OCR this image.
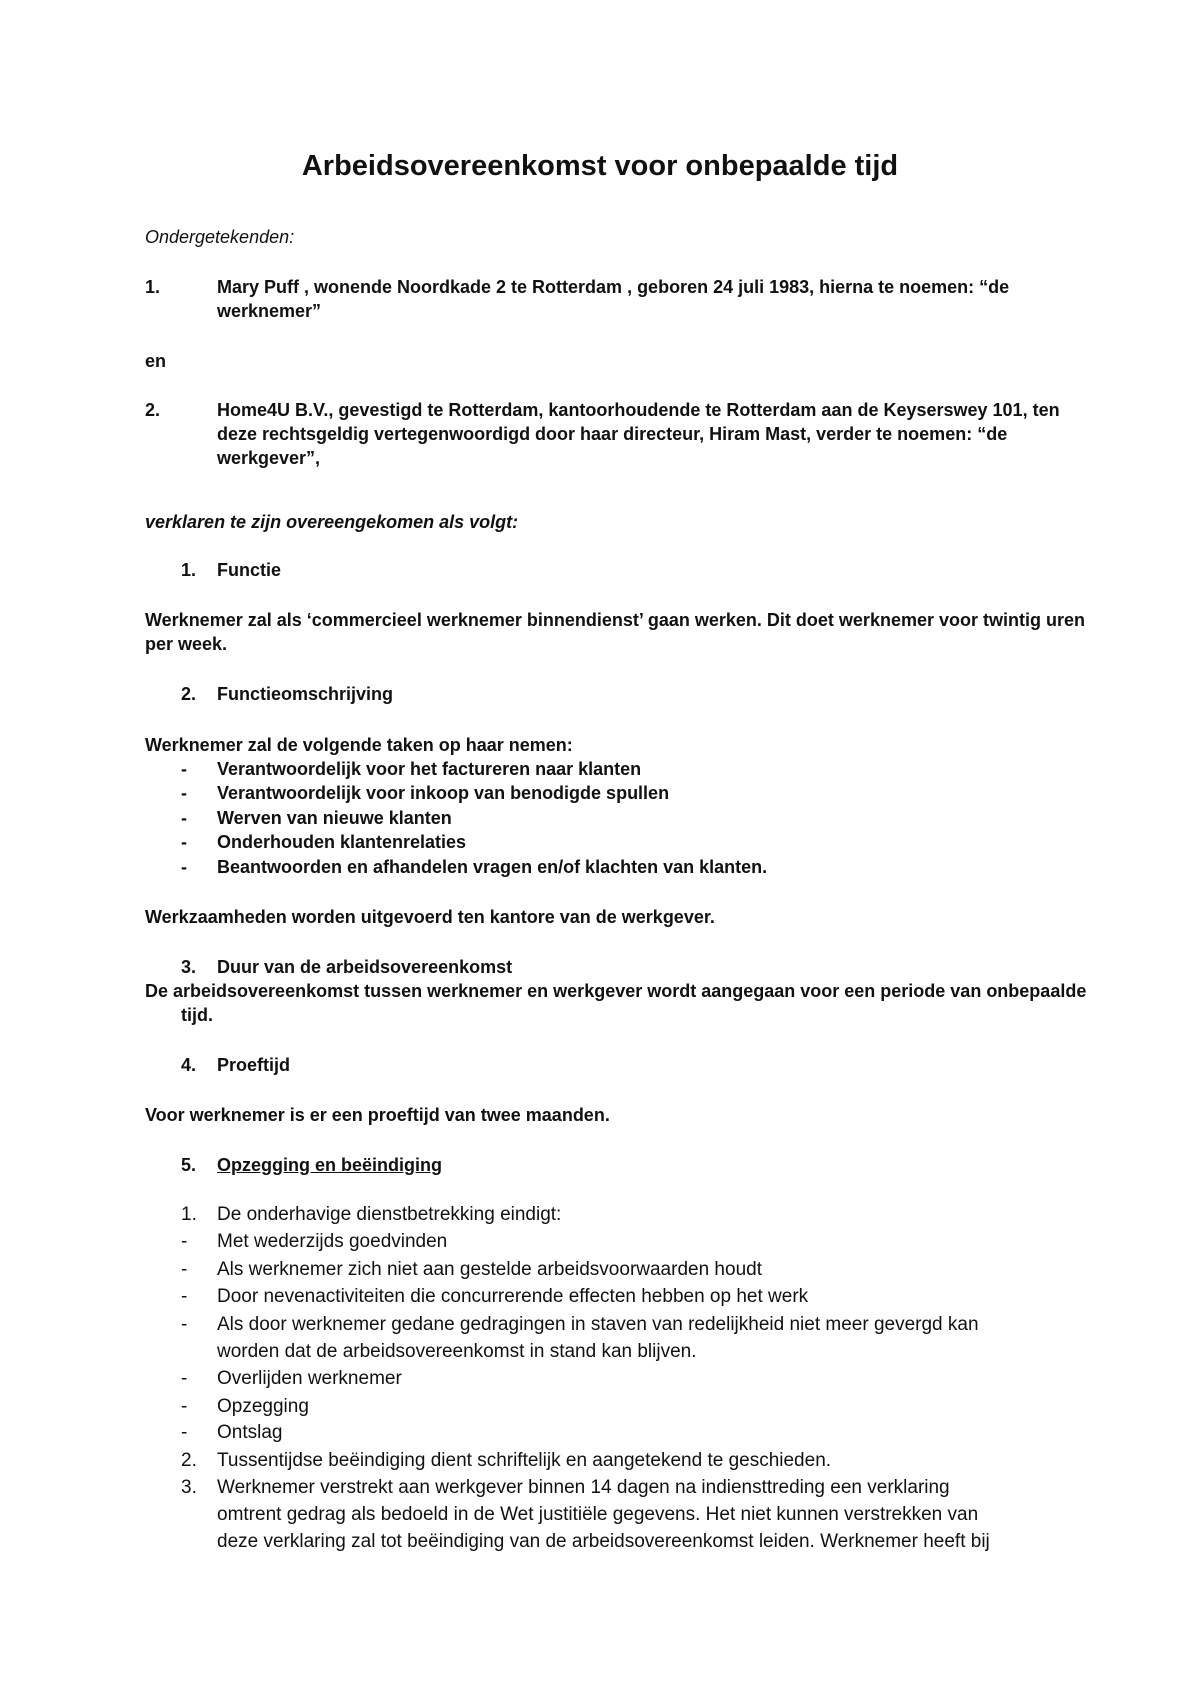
Arbeidsovereenkomst voor onbepaalde tijd
Ondergetekenden:
1.	Mary Puff , wonende Noordkade 2 te Rotterdam , geboren 24 juli 1983, hierna te noemen: “de
werknemer”
en
2.	Home4U B.V., gevestigd te Rotterdam, kantoorhoudende te Rotterdam aan de Keyserswey 101, ten
deze rechtsgeldig vertegenwoordigd door haar directeur, Hiram Mast, verder te noemen: “de
werkgever”,
verklaren te zijn overeengekomen als volgt:
1. Functie
Werknemer zal als ‘commercieel werknemer binnendienst’ gaan werken. Dit doet werknemer voor twintig uren
per week.
2. Functieomschrijving
Werknemer zal de volgende taken op haar nemen:
- Verantwoordelijk voor het factureren naar klanten
- Verantwoordelijk voor inkoop van benodigde spullen
- Werven van nieuwe klanten
- Onderhouden klantenrelaties
- Beantwoorden en afhandelen vragen en/of klachten van klanten.
Werkzaamheden worden uitgevoerd ten kantore van de werkgever.
3. Duur van de arbeidsovereenkomst
De arbeidsovereenkomst tussen werknemer en werkgever wordt aangegaan voor een periode van onbepaalde
tijd.
4. Proeftijd
Voor werknemer is er een proeftijd van twee maanden.
5. Opzegging en beëindiging
1. De onderhavige dienstbetrekking eindigt:
- Met wederzijds goedvinden
- Als werknemer zich niet aan gestelde arbeidsvoorwaarden houdt
- Door nevenactiviteiten die concurrerende effecten hebben op het werk
- Als door werknemer gedane gedragingen in staven van redelijkheid niet meer gevergd kan
worden dat de arbeidsovereenkomst in stand kan blijven.
- Overlijden werknemer
- Opzegging
- Ontslag
2. Tussentijdse beëindiging dient schriftelijk en aangetekend te geschieden.
3. Werknemer verstrekt aan werkgever binnen 14 dagen na indiensttreding een verklaring
omtrent gedrag als bedoeld in de Wet justitiële gegevens. Het niet kunnen verstrekken van
deze verklaring zal tot beëindiging van de arbeidsovereenkomst leiden. Werknemer heeft bij
